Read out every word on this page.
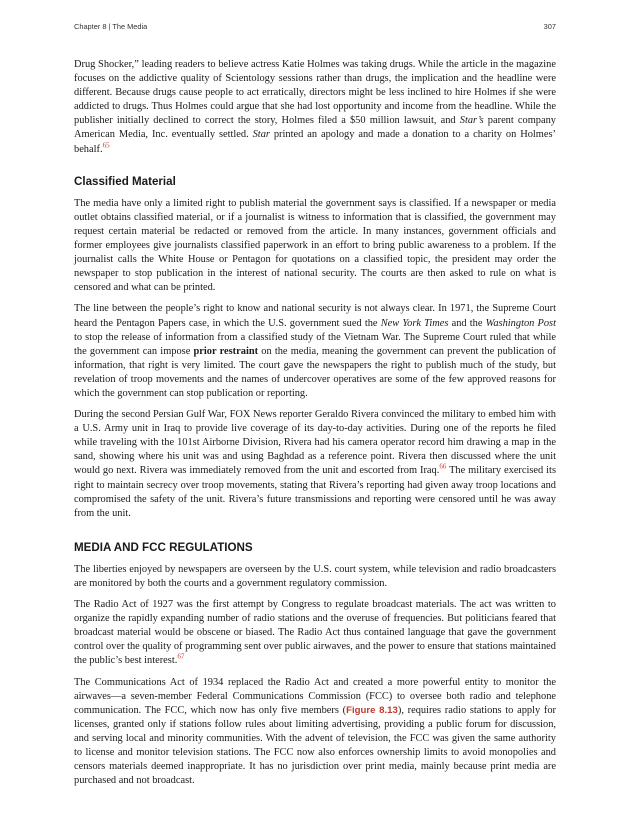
Chapter 8 | The Media	307

Drug Shocker,” leading readers to believe actress Katie Holmes was taking drugs. While the article in the magazine focuses on the addictive quality of Scientology sessions rather than drugs, the implication and the headline were different. Because drugs cause people to act erratically, directors might be less inclined to hire Holmes if she were addicted to drugs. Thus Holmes could argue that she had lost opportunity and income from the headline. While the publisher initially declined to correct the story, Holmes filed a $50 million lawsuit, and Star’s parent company American Media, Inc. eventually settled. Star printed an apology and made a donation to a charity on Holmes’ behalf.$^{65}$

Classified Material

The media have only a limited right to publish material the government says is classified. If a newspaper or media outlet obtains classified material, or if a journalist is witness to information that is classified, the government may request certain material be redacted or removed from the article. In many instances, government officials and former employees give journalists classified paperwork in an effort to bring public awareness to a problem. If the journalist calls the White House or Pentagon for quotations on a classified topic, the president may order the newspaper to stop publication in the interest of national security. The courts are then asked to rule on what is censored and what can be printed.

The line between the people’s right to know and national security is not always clear. In 1971, the Supreme Court heard the Pentagon Papers case, in which the U.S. government sued the New York Times and the Washington Post to stop the release of information from a classified study of the Vietnam War. The Supreme Court ruled that while the government can impose prior restraint on the media, meaning the government can prevent the publication of information, that right is very limited. The court gave the newspapers the right to publish much of the study, but revelation of troop movements and the names of undercover operatives are some of the few approved reasons for which the government can stop publication or reporting.

During the second Persian Gulf War, FOX News reporter Geraldo Rivera convinced the military to embed him with a U.S. Army unit in Iraq to provide live coverage of its day-to-day activities. During one of the reports he filed while traveling with the 101st Airborne Division, Rivera had his camera operator record him drawing a map in the sand, showing where his unit was and using Baghdad as a reference point. Rivera then discussed where the unit would go next. Rivera was immediately removed from the unit and escorted from Iraq.$^{66}$ The military exercised its right to maintain secrecy over troop movements, stating that Rivera’s reporting had given away troop locations and compromised the safety of the unit. Rivera’s future transmissions and reporting were censored until he was away from the unit.

MEDIA AND FCC REGULATIONS

The liberties enjoyed by newspapers are overseen by the U.S. court system, while television and radio broadcasters are monitored by both the courts and a government regulatory commission.

The Radio Act of 1927 was the first attempt by Congress to regulate broadcast materials. The act was written to organize the rapidly expanding number of radio stations and the overuse of frequencies. But politicians feared that broadcast material would be obscene or biased. The Radio Act thus contained language that gave the government control over the quality of programming sent over public airwaves, and the power to ensure that stations maintained the public’s best interest.$^{67}$

The Communications Act of 1934 replaced the Radio Act and created a more powerful entity to monitor the airwaves—a seven-member Federal Communications Commission (FCC) to oversee both radio and telephone communication. The FCC, which now has only five members (Figure 8.13), requires radio stations to apply for licenses, granted only if stations follow rules about limiting advertising, providing a public forum for discussion, and serving local and minority communities. With the advent of television, the FCC was given the same authority to license and monitor television stations. The FCC now also enforces ownership limits to avoid monopolies and censors materials deemed inappropriate. It has no jurisdiction over print media, mainly because print media are purchased and not broadcast.
